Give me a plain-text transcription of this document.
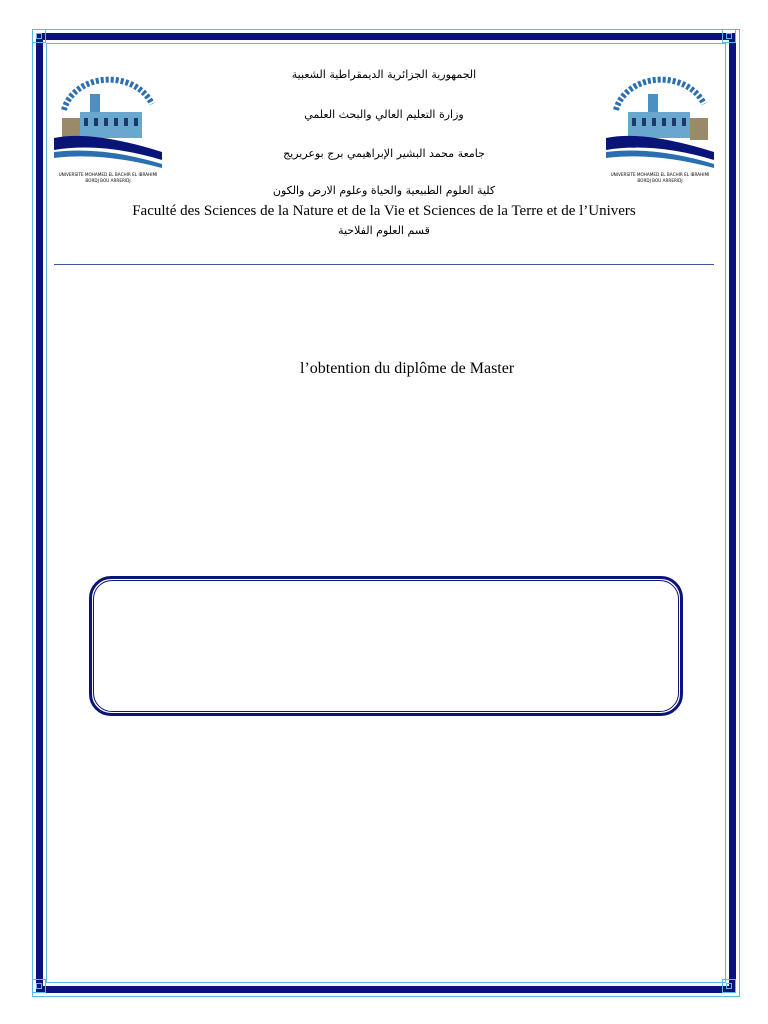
UNIVERSITE MOHAMED EL BACHIR EL IBRAHIMI
BORDJ BOU ARRERIDJ
UNIVERSITE MOHAMED EL BACHIR EL IBRAHIMI
BORDJ BOU ARRERIDJ
الجمهورية الجزائرية الديمقراطية الشعبية
وزارة التعليم العالي والبحث العلمي
جامعة محمد البشير الإبراهيمي برج بوعريريج
كلية العلوم الطبيعية والحياة وعلوم الارض والكون
Faculté des Sciences de la Nature et de la Vie et Sciences de la Terre et de l’Univers
قسم العلوم الفلاحية
l’obtention du diplôme de Master
